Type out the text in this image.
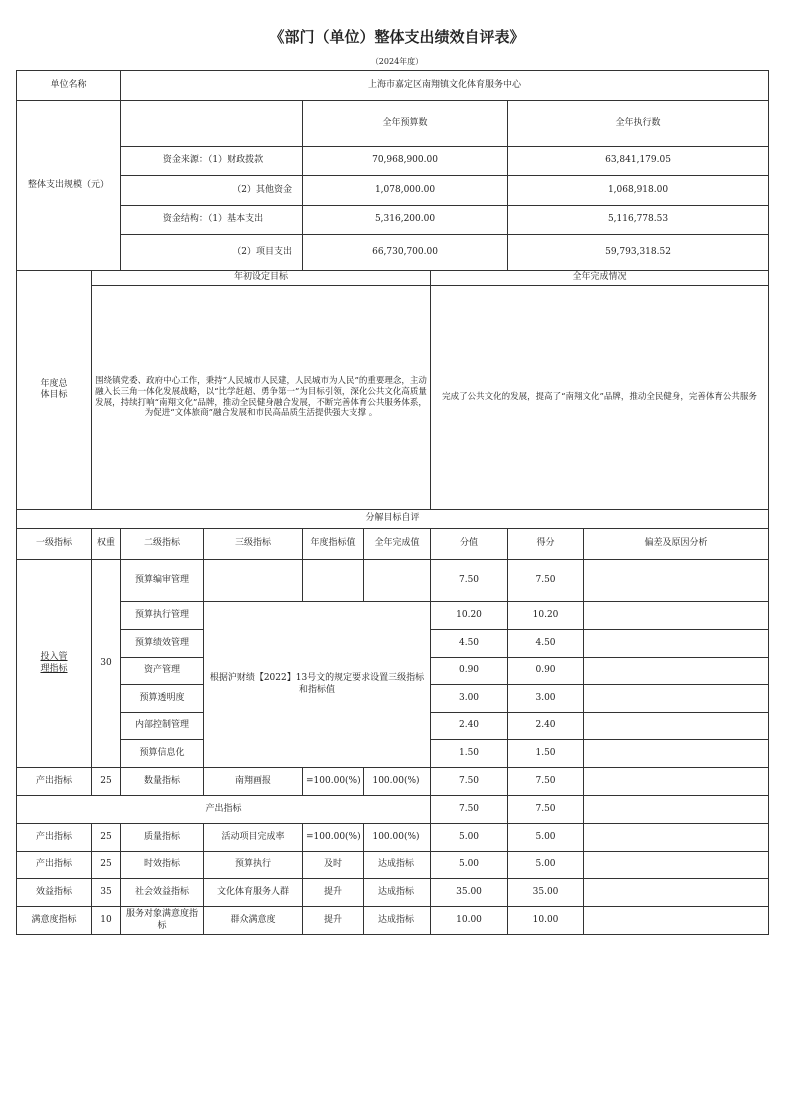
《部门（单位）整体支出绩效自评表》
（2024年度）
单位名称		上海市嘉定区南翔镇文化体育服务中心							
整体支出规模（元）				全年预算数			全年执行数	
		资金来源：（1）财政拨款		70,968,900.00			63,841,179.05	
		（2）其他资金		1,078,000.00			1,068,918.00	
		资金结构：（1）基本支出		5,316,200.00			5,116,778.53	
		（2）项目支出		66,730,700.00			59,793,318.52	
年度总
体目标	年初设定目标					全年完成情况			
	围绕镇党委、政府中心工作，秉持“人民城市人民建，人民城市为人民”的重要理念，主动融入长三角一体化发展战略，以“比学赶超、勇争第一”为目标引领，深化公共文化高质量发展，持续打响“南翔文化”品牌，推动全民健身融合发展，不断完善体育公共服务体系，为促进“文体旅商”融合发展和市民高品质生活提供强大支撑 。					完成了公共文化的发展，提高了“南翔文化”品牌，推动全民健身，完善体育公共服务			
分解目标自评									
一级指标	权重	二级指标	三级指标	年度指标值	全年完成值	分值	得分	偏差及原因分析	
投入管
理指标	30	预算编审管理				7.50	7.50		
		预算执行管理	根据沪财绩【2022】13号文的规定要求设置三级指标和指标值			10.20	10.20		
		预算绩效管理				4.50	4.50		
		资产管理				0.90	0.90		
		预算透明度				3.00	3.00		
		内部控制管理				2.40	2.40		
		预算信息化				1.50	1.50		
产出指标	25	数量指标	南翔画报	=100.00(%)	100.00(%)	7.50	7.50		
产出指标						7.50	7.50		
产出指标	25	质量指标	活动项目完成率	=100.00(%)	100.00(%)	5.00	5.00		
产出指标	25	时效指标	预算执行	及时	达成指标	5.00	5.00		
效益指标	35	社会效益指标	文化体育服务人群	提升	达成指标	35.00	35.00		
满意度指标	10	服务对象满意度指标	群众满意度	提升	达成指标	10.00	10.00		
